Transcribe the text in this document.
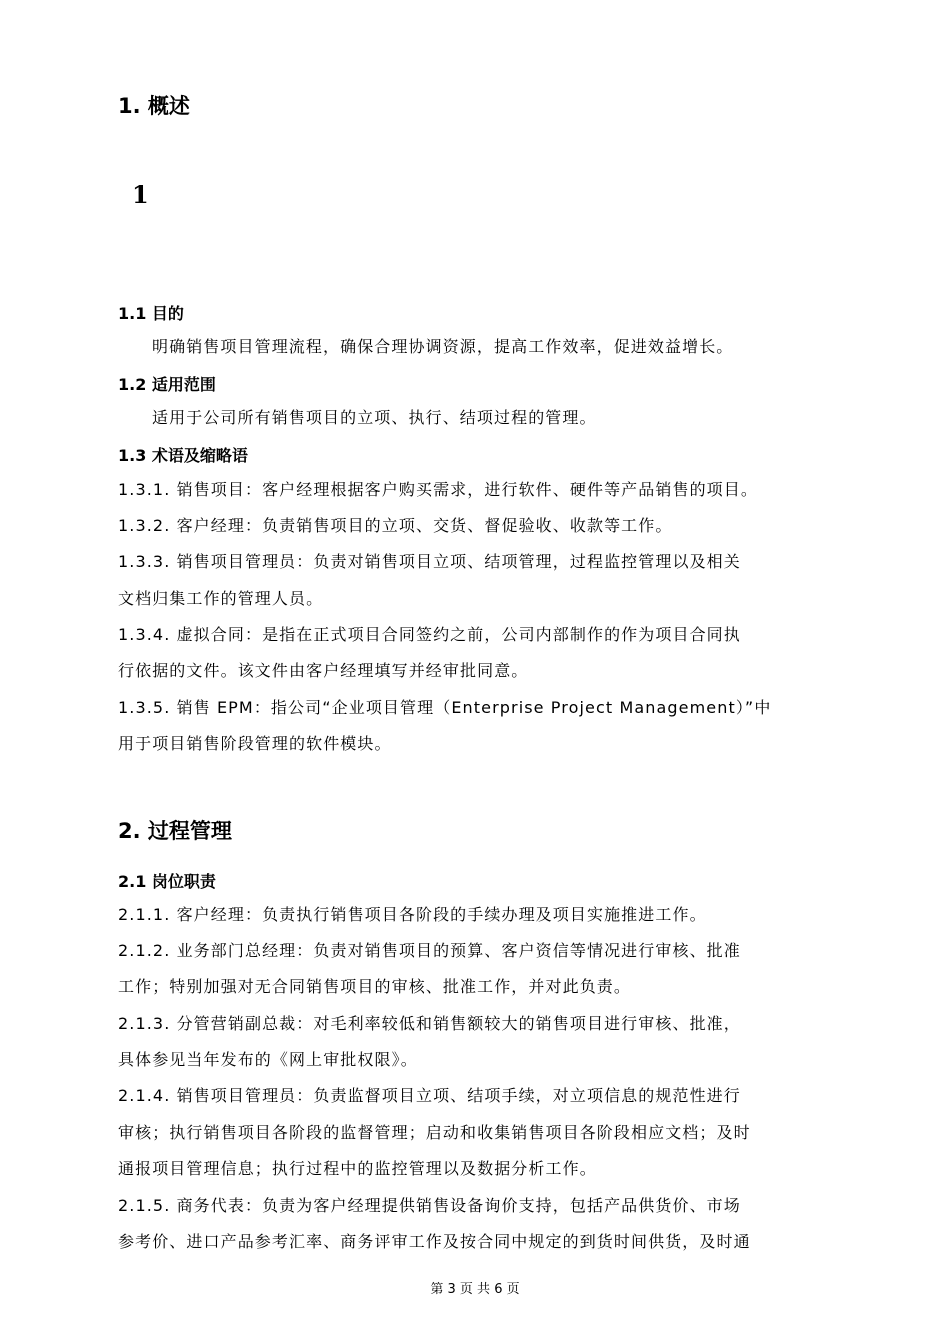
1. 概述
1
1.1 目的
明确销售项目管理流程，确保合理协调资源，提高工作效率，促进效益增长。
1.2 适用范围
适用于公司所有销售项目的立项、执行、结项过程的管理。
1.3 术语及缩略语
1.3.1. 销售项目：客户经理根据客户购买需求，进行软件、硬件等产品销售的项目。
1.3.2. 客户经理：负责销售项目的立项、交货、督促验收、收款等工作。
1.3.3. 销售项目管理员：负责对销售项目立项、结项管理，过程监控管理以及相关
文档归集工作的管理人员。
1.3.4. 虚拟合同：是指在正式项目合同签约之前，公司内部制作的作为项目合同执
行依据的文件。该文件由客户经理填写并经审批同意。
1.3.5. 销售 EPM：指公司“企业项目管理（Enterprise Project Management）”中
用于项目销售阶段管理的软件模块。
2. 过程管理
2.1 岗位职责
2.1.1. 客户经理：负责执行销售项目各阶段的手续办理及项目实施推进工作。
2.1.2. 业务部门总经理：负责对销售项目的预算、客户资信等情况进行审核、批准
工作；特别加强对无合同销售项目的审核、批准工作，并对此负责。
2.1.3. 分管营销副总裁：对毛利率较低和销售额较大的销售项目进行审核、批准，
具体参见当年发布的《网上审批权限》。
2.1.4. 销售项目管理员：负责监督项目立项、结项手续，对立项信息的规范性进行
审核；执行销售项目各阶段的监督管理；启动和收集销售项目各阶段相应文档；及时
通报项目管理信息；执行过程中的监控管理以及数据分析工作。
2.1.5. 商务代表：负责为客户经理提供销售设备询价支持，包括产品供货价、市场
参考价、进口产品参考汇率、商务评审工作及按合同中规定的到货时间供货，及时通
第 3 页 共 6 页
